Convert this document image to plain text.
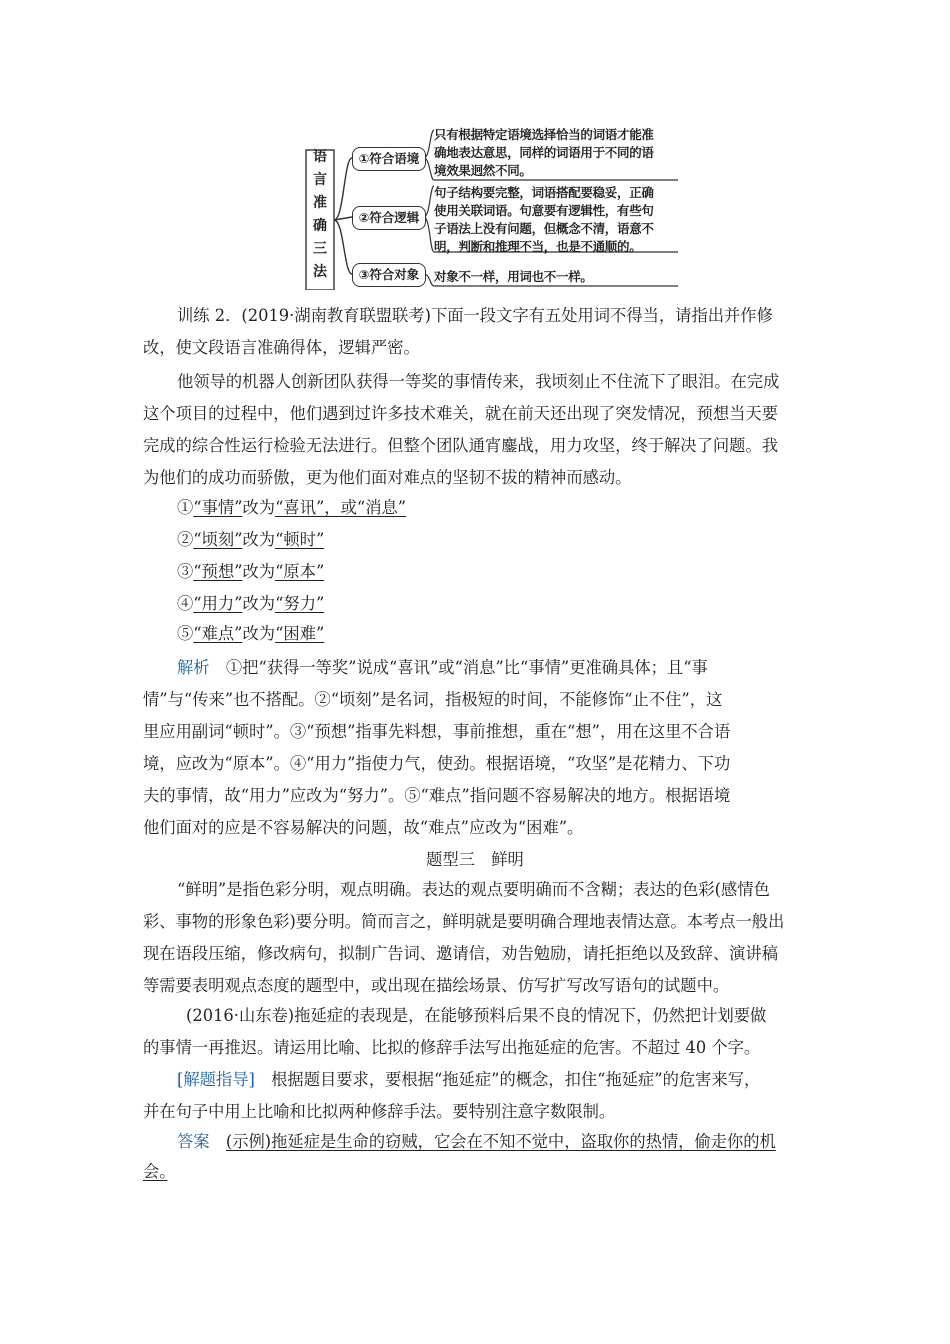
语
言
准
确
三
法
①符合语境
只有根据特定语境选择恰当的词语才能准
确地表达意思，同样的词语用于不同的语
境效果迥然不同。
②符合逻辑
句子结构要完整，词语搭配要稳妥，正确
使用关联词语。句意要有逻辑性，有些句
子语法上没有问题，但概念不清，语意不
明，判断和推理不当，也是不通顺的。
③符合对象	对象不一样，用词也不一样。
训练 2．(2019·湖南教育联盟联考)下面一段文字有五处用词不得当，请指出并作修
改，使文段语言准确得体，逻辑严密。
他领导的机器人创新团队获得一等奖的事情传来，我顷刻止不住流下了眼泪。在完成
这个项目的过程中，他们遇到过许多技术难关，就在前天还出现了突发情况，预想当天要
完成的综合性运行检验无法进行。但整个团队通宵鏖战，用力攻坚，终于解决了问题。我
为他们的成功而骄傲，更为他们面对难点的坚韧不拔的精神而感动。
①“事情”改为“喜讯”，或“消息”
②“顷刻”改为“顿时”
③“预想”改为“原本”
④“用力”改为“努力”
⑤“难点”改为“困难”
解析　 ①把“获得一等奖”说成“喜讯”或“消息”比“事情”更准确具体；且“事
情”与“传来”也不搭配。②“顷刻”是名词，指极短的时间，不能修饰“止不住”，这
里应用副词“顿时”。③“预想”指事先料想，事前推想，重在“想”，用在这里不合语
境，应改为“原本”。④“用力”指使力气，使劲。根据语境，“攻坚”是花精力、下功
夫的事情，故“用力”应改为“努力”。⑤“难点”指问题不容易解决的地方。根据语境
他们面对的应是不容易解决的问题，故“难点”应改为“困难”。
题型三　鲜明
“鲜明”是指色彩分明，观点明确。表达的观点要明确而不含糊；表达的色彩(感情色
彩、事物的形象色彩)要分明。简而言之，鲜明就是要明确合理地表情达意。本考点一般出
现在语段压缩，修改病句，拟制广告词、邀请信，劝告勉励，请托拒绝以及致辞、演讲稿
等需要表明观点态度的题型中，或出现在描绘场景、仿写扩写改写语句的试题中。
(2016·山东卷)拖延症的表现是，在能够预料后果不良的情况下，仍然把计划要做
的事情一再推迟。请运用比喻、比拟的修辞手法写出拖延症的危害。不超过 40 个字。
[解题指导]　 根据题目要求，要根据“拖延症”的概念，扣住“拖延症”的危害来写，
并在句子中用上比喻和比拟两种修辞手法。要特别注意字数限制。
答案　 (示例)拖延症是生命的窃贼，它会在不知不觉中，盗取你的热情，偷走你的机
会。　
